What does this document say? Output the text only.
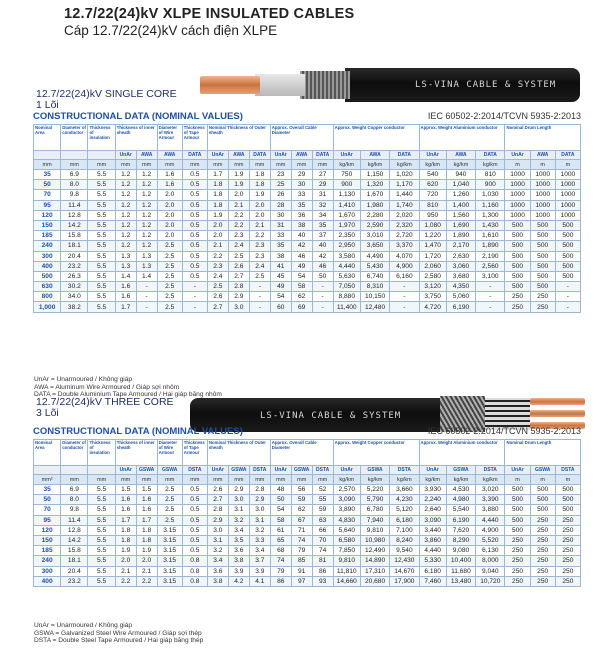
12.7/22(24)kV XLPE INSULATED CABLES
Cáp 12.7/22(24)kV cách điện XLPE
LS-VINA CABLE & SYSTEM
12.7/22(24)kV SINGLE CORE
1 Lõi
CONSTRUCTIONAL DATA (NOMINAL VALUES)	IEC 60502-2:2014/TCVN 5935-2:2013
Nominal Area	Diameter of conductor	Thickness of insulation	Thickness of inner sheath		Diameter of Wire Armour	Thickness of Tape Armour	Nominal Thickness of Outer sheath			Approx. Overall Cable Diameter			Approx. Weight Copper conductor			Approx. Weight Aluminium conductor			Nominal Drum Length		
			UnAr	AWA	AWA	DATA	UnAr	AWA	DATA	UnAr	AWA	DATA	UnAr	AWA	DATA	UnAr	AWA	DATA	UnAr	AWA	DATA
mm	mm	mm	mm	mm	mm	mm	mm	mm	mm	mm	mm	mm	kg/km	kg/km	kg/km	kg/km	kg/km	kg/km	m	m	m
35	6.9	5.5	1.2	1.2	1.6	0.5	1.7	1.9	1.8	23	29	27	750	1,150	1,020	540	940	810	1000	1000	1000
50	8.0	5.5	1.2	1.2	1.6	0.5	1.8	1.9	1.8	25	30	29	900	1,320	1,170	620	1,040	900	1000	1000	1000
70	9.8	5.5	1.2	1.2	2.0	0.5	1.8	2.0	1.9	26	33	31	1,130	1,670	1,440	720	1,260	1,030	1000	1000	1000
95	11.4	5.5	1.2	1.2	2.0	0.5	1.8	2.1	2.0	28	35	32	1,410	1,980	1,740	810	1,400	1,160	1000	1000	1000
120	12.8	5.5	1.2	1.2	2.0	0.5	1.9	2.2	2.0	30	36	34	1,670	2,280	2,020	950	1,560	1,300	1000	1000	1000
150	14.2	5.5	1.2	1.2	2.0	0.5	2.0	2.2	2.1	31	38	35	1,970	2,590	2,320	1,080	1,690	1,430	500	500	500
185	15.8	5.5	1.2	1.2	2.0	0.5	2.0	2.3	2.2	33	40	37	2,350	3,010	2,720	1,220	1,890	1,610	500	500	500
240	18.1	5.5	1.2	1.2	2.5	0.5	2.1	2.4	2.3	35	42	40	2,950	3,650	3,370	1,470	2,170	1,890	500	500	500
300	20.4	5.5	1.3	1.3	2.5	0.5	2.2	2.5	2.3	38	46	42	3,580	4,490	4,070	1,720	2,630	2,190	500	500	500
400	23.2	5.5	1.3	1.3	2.5	0.5	2.3	2.6	2.4	41	49	46	4,440	5,430	4,900	2,060	3,060	2,560	500	500	500
500	26.3	5.5	1.4	1.4	2.5	0.5	2.4	2.7	2.5	45	54	50	5,630	6,740	6,160	2,580	3,680	3,100	500	500	500
630	30.2	5.5	1.6	-	2.5	-	2.5	2.8	-	49	58	-	7,050	8,310	-	3,120	4,350	-	500	500	-
800	34.0	5.5	1.6	-	2.5	-	2.6	2.9	-	54	62	-	8,880	10,150	-	3,750	5,060	-	250	250	-
1,000	38.2	5.5	1.7	-	2.5	-	2.7	3.0	-	60	69	-	11,400	12,480	-	4,720	6,190	-	250	250	-
UnAr = Unarmoured / Không giáp
AWA = Aluminum Wire Armoured / Giáp sợi nhôm
DATA = Double Aluminium Tape Armoured / Hai giáp băng nhôm
LS-VINA CABLE & SYSTEM
12.7/22(24)kV THREE CORE
3 Lõi
CONSTRUCTIONAL DATA (NOMINAL VALUES)	IEC 60502-2:2014/TCVN 5935-2:2013
Nominal Area	Diameter of conductor	Thickness of insulation	Thickness of inner sheath		Diameter of Wire Armour	Thickness of Tape Armour	Nominal Thickness of Outer sheath			Approx. Overall Cable Diameter			Approx. Weight Copper conductor			Approx. Weight Aluminium conductor			Nominal Drum Length		
			UnAr	GSWA	GSWA	DSTA	UnAr	GSWA	DSTA	UnAr	GSWA	DSTA	UnAr	GSWA	DSTA	UnAr	GSWA	DSTA	UnAr	GSWA	DSTA
mm²	mm	mm	mm	mm	mm	mm	mm	mm	mm	mm	mm	mm	kg/km	kg/km	kg/km	kg/km	kg/km	kg/km	m	m	m
35	6.9	5.5	1.5	1.5	2.5	0.5	2.6	2.9	2.8	48	56	52	2,570	5,220	3,660	3,930	4,530	3,020	500	500	500
50	8.0	5.5	1.6	1.6	2.5	0.5	2.7	3.0	2.9	50	59	55	3,090	5,790	4,230	2,240	4,980	3,390	500	500	500
70	9.8	5.5	1.6	1.6	2.5	0.5	2.8	3.1	3.0	54	62	59	3,890	6,780	5,120	2,640	5,540	3,880	500	500	500
95	11.4	5.5	1.7	1.7	2.5	0.5	2.9	3.2	3.1	58	67	63	4,830	7,940	6,180	3,090	6,190	4,440	500	250	250
120	12.8	5.5	1.8	1.8	3.15	0.5	3.0	3.4	3.2	61	71	66	5,640	9,810	7,100	3,440	7,620	4,900	500	250	250
150	14.2	5.5	1.8	1.8	3.15	0.5	3.1	3.5	3.3	65	74	70	6,580	10,980	8,240	3,860	8,290	5,520	250	250	250
185	15.8	5.5	1.9	1.9	3.15	0.5	3.2	3.6	3.4	68	79	74	7,850	12,490	9,540	4,440	9,080	6,130	250	250	250
240	18.1	5.5	2.0	2.0	3.15	0.8	3.4	3.8	3.7	74	85	81	9,810	14,890	12,430	5,330	10,400	8,000	250	250	250
300	20.4	5.5	2.1	2.1	3.15	0.8	3.6	3.9	3.9	79	91	86	11,810	17,310	14,670	6,180	11,680	9,040	250	250	250
400	23.2	5.5	2.2	2.2	3.15	0.8	3.8	4.2	4.1	86	97	93	14,660	20,680	17,900	7,460	13,480	10,720	250	250	250
UnAr = Unarmoured / Không giáp
GSWA = Galvanized Steel Wire Armoured / Giáp sợi thép
DSTA = Double Steel Tape Armoured / Hai giáp băng thép
